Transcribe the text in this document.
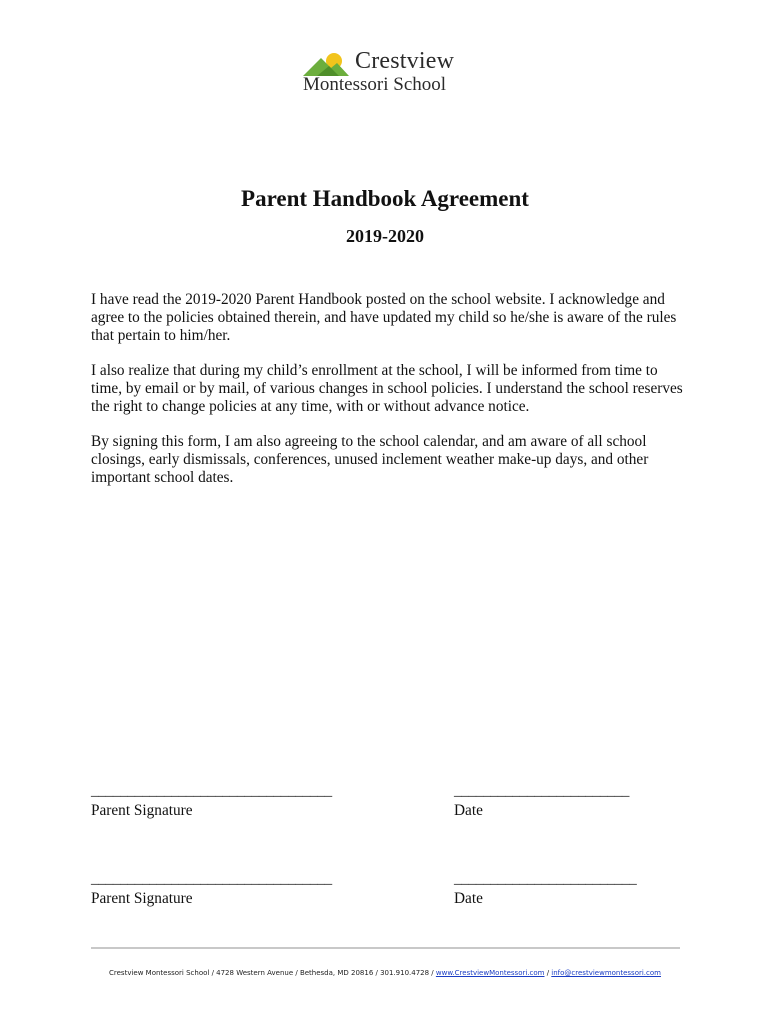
Crestview
Montessori School
Parent Handbook Agreement
2019-2020

I have read the 2019-2020 Parent Handbook posted on the school website. I acknowledge and agree to the policies obtained therein, and have updated my child so he/she is aware of the rules that pertain to him/her.

I also realize that during my child’s enrollment at the school, I will be informed from time to time, by email or by mail, of various changes in school policies. I understand the school reserves the right to change policies at any time, with or without advance notice.

By signing this form, I am also agreeing to the school calendar, and am aware of all school closings, early dismissals, conferences, unused inclement weather make-up days, and other important school dates.

_________________________________
Parent Signature
________________________
Date
_________________________________
Parent Signature
_________________________
Date
Crestview Montessori School / 4728 Western Avenue / Bethesda, MD 20816 / 301.910.4728 / www.CrestviewMontessori.com / info@crestviewmontessori.com
